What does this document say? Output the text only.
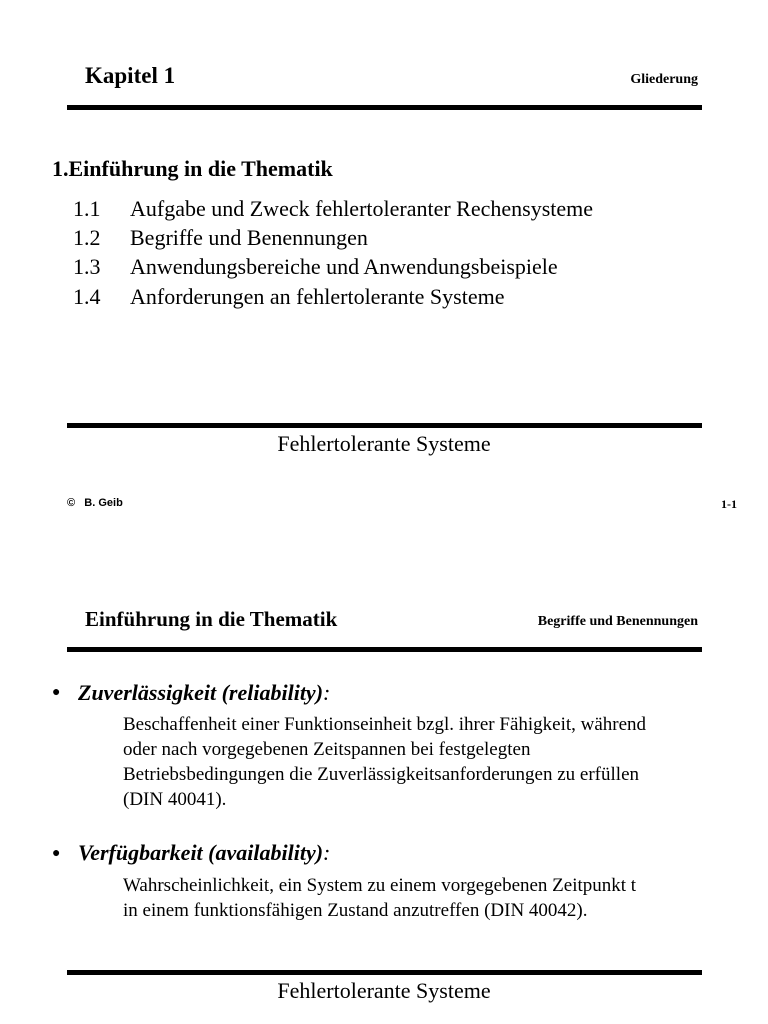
Kapitel 1	Gliederung
1.Einführung in die Thematik
1.1 Aufgabe und Zweck fehlertoleranter Rechensysteme
1.2 Begriffe und Benennungen
1.3 Anwendungsbereiche und Anwendungsbeispiele
1.4 Anforderungen an fehlertolerante Systeme
Fehlertolerante Systeme
© B. Geib	1-1
Einführung in die Thematik	Begriffe und Benennungen
● Zuverlässigkeit (reliability):
Beschaffenheit einer Funktionseinheit bzgl. ihrer Fähigkeit, während
oder nach vorgegebenen Zeitspannen bei festgelegten
Betriebsbedingungen die Zuverlässigkeitsanforderungen zu erfüllen
(DIN 40041).
● Verfügbarkeit (availability):
Wahrscheinlichkeit, ein System zu einem vorgegebenen Zeitpunkt t
in einem funktionsfähigen Zustand anzutreffen (DIN 40042).
Fehlertolerante Systeme
